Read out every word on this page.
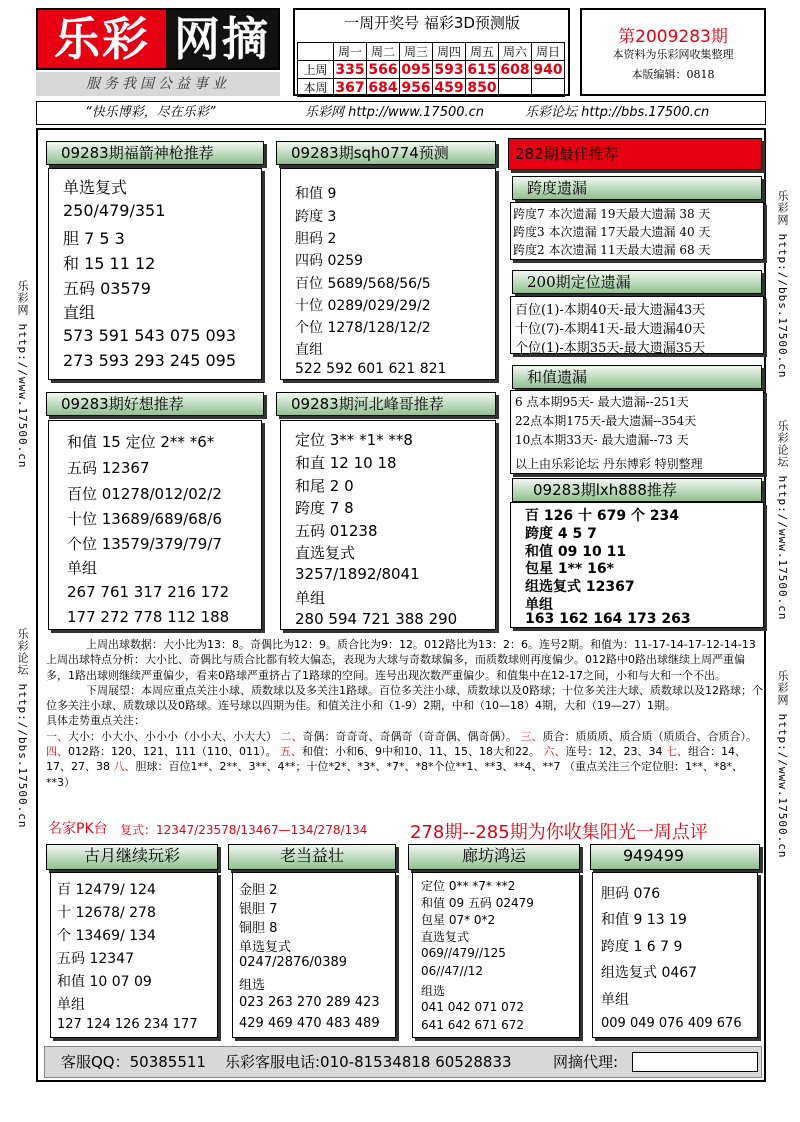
乐彩 网摘
服务我国公益事业
一周开奖号 福彩3D预测版
	周一	周二	周三	周四	周五	周六	周日
上周	335	566	095	593	615	608	940
本周	367	684	956	459	850		
第2009283期
本资料为乐彩网收集整理
本版编辑：0818
“快乐博彩，尽在乐彩”	乐彩网 http://www.17500.cn	乐彩论坛 http://bbs.17500.cn
乐彩网 http://www.17500.cn
乐彩论坛 http://bbs.17500.cn
乐彩网 http://bbs.17500.cn
乐彩论坛 http://www.17500.cn
乐彩网 http://www.17500.cn
09283期福箭神枪推荐
单选复式
250/479/351
胆 7 5 3
和 15 11 12
五码 03579
直组
573 591 543 075 093
273 593 293 245 095
09283期sqh0774预测
和值 9
跨度 3
胆码 2
四码 0259
百位 5689/568/56/5
十位 0289/029/29/2
个位 1278/128/12/2
直组
522 592 601 621 821
09283期好想推荐
和值 15 定位 2** *6*
五码 12367
百位 01278/012/02/2
十位 13689/689/68/6
个位 13579/379/79/7
单组
267 761 317 216 172
177 272 778 112 188
09283期河北峰哥推荐
定位 3** *1* **8
和直 12 10 18
和尾 2 0
跨度 7 8
五码 01238
直选复式
3257/1892/8041
单组
280 594 721 388 290
282期最佳推荐
跨度遗漏
跨度7 本次遗漏 19天最大遗漏 38 天
跨度3 本次遗漏 17天最大遗漏 40 天
跨度2 本次遗漏 11天最大遗漏 68 天
200期定位遗漏
百位(1)-本期40天-最大遗漏43天
十位(7)-本期41天-最大遗漏40天
个位(1)-本期35天-最大遗漏35天
和值遗漏
6 点本期95天- 最大遗漏--251天
22点本期175天-最大遗漏--354天
10点本期33天- 最大遗漏--73 天
以上由乐彩论坛 丹东博彩 特别整理
09283期lxh888推荐
百 126 十 679 个 234
跨度 4 5 7
和值 09 10 11
包星 1** 16*
组选复式 12367
单组
163 162 164 173 263

上周出球数据：大小比为13：8。奇偶比为12：9。质合比为9：12。012路比为13：2：6。连号2期。和值为：11-17-14-17-12-14-13 上周出球特点分析：大小比、奇偶比与质合比都有较大偏态，表现为大球与奇数球偏多，而质数球则再度偏少。012路中0路出球继续上周严重偏多，1路出球则继续严重偏少，看来0路球严重挤占了1路球的空间。连号出现次数严重偏少。和值集中在12-17之间，小和与大和一个不出。

下周展望：本周应重点关注小球、质数球以及多关注1路球。百位多关注小球、质数球以及0路球；十位多关注大球、质数球以及12路球；个位多关注小球、质数球以及0路球。连号球以四期为佳。和值关注小和（1-9）2期，中和（10—18）4期，大和（19—27）1期。

具体走势重点关注：

一、大小：小大小、小小小（小小大、小大大） 二、奇偶：奇奇奇、奇偶奇（奇奇偶、偶奇偶）。 三、质合：质质质、质合质（质质合、合质合）。 四、012路：120、121、111（110、011）。 五、和值：小和6、9中和10、11、15、18大和22。 六、连号：12、23、34 七、组合：14、17、27、38 八、胆球：百位1**、2**、3**、4**；十位*2*、*3*、*7*、*8*个位**1、**3、**4、**7 （重点关注三个定位胆：1**、*8*、**3）

名家PK台 复式：12347/23578/13467—134/278/134 278期--285期为你收集阳光一周点评
古月继续玩彩
百 12479/ 124
十 12678/ 278
个 13469/ 134
五码 12347
和值 10 07 09
单组
127 124 126 234 177
老当益壮
金胆 2
银胆 7
铜胆 8
单选复式
0247/2876/0389
组选
023 263 270 289 423
429 469 470 483 489
廊坊鸿运
定位 0** *7* **2
和值 09 五码 02479
包星 07* 0*2
直选复式
069//479//125
06//47//12
组选
041 042 071 072
641 642 671 672
949499
胆码 076
和值 9 13 19
跨度 1 6 7 9
组选复式 0467
单组
009 049 076 409 676
客服QQ：50385511 乐彩客服电话:010-81534818 60528833	网摘代理:
